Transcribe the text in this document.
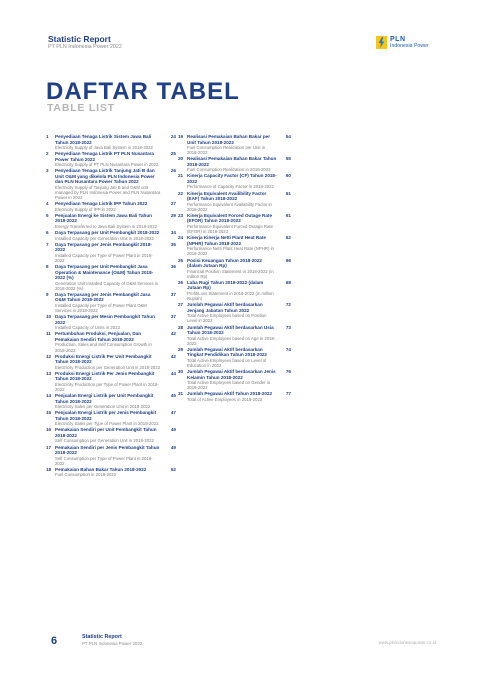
Statistic Report
PT PLN Indonesia Power 2022
PLN
Indonesia Power
DAFTAR TABEL
TABLE LIST
1 Penyediaan Tenaga Listrik Sistem Jawa Bali Tahun 2018-2022
Electricity Supply of Java Bali System in 2018-2022
24
2 Penyediaan Tenaga Listrik PT PLN Nusantara Power Tahun 2022
Electricity Supply of PT PLN Nusantara Power in 2022
25
3 Penyediaan Tenaga Listrik Tanjung Jati B dan Unit O&M yang dikelola PLN Indonesia Power dan PLN Nusantara Power Tahun 2022
Electricity Supply of Tanjung Jati B and O&M unit managed by PLN Indonesia Power and PLN Nusantara Power in 2022
26
4 Penyediaan Tenaga Listrik IPP Tahun 2022
Electricity Supply of IPP in 2022
27
5 Penjualan Energi ke Sistem Jawa Bali Tahun 2018-2022
Energy Transferred to Java Bali System in 2018-2022
29
6 Daya Terpasang per Unit Pembangkit 2018-2022
Installed Capacity per Generation Unit in 2018-2022
34
7 Daya Terpasang per Jenis Pembangkit 2018-2022
Installed Capacity per Type of Power Plant in 2018-2022
35
8 Daya Terpasang per Unit Pembangkit Jasa Operation & Maintenance (O&M) Tahun 2018-2022 (%)
Generation Unit Installed Capacity of O&M Services in 2018-2022 (%)
36
9 Daya Terpasang per Jenis Pembangkit Jasa O&M Tahun 2018-2022
Installed Capacity per Type of Power Plant O&M Services in 2018-2022
37
10 Daya Terpasang per Mesin Pembangkit Tahun 2022
Installed Capacity of Units in 2022
37
11 Pertumbuhan Produksi, Penjualan, Dan Pemakaian Sendiri Tahun 2018-2022
Production, Sales and Self Consumption Growth in 2018-2022
42
12 Produksi Energi Listrik Per Unit Pembangkit Tahun 2018-2022
Electricity Production per Generation Unit in 2018-2022
42
13 Produksi Energi Listrik Per Jenis Pembangkit Tahun 2018-2022
Electricity Production per Type of Power Plant in 2018-2022
44
14 Penjualan Energi Listrik per Unit Pembangkit Tahun 2018-2022
Electricity Sales per Generation Unit in 2018-2022
45
15 Penjualan Energi Listrik per Jenis Pembangkit Tahun 2018-2022
Electricity Sales per Type of Power Plant in 2018-2022
47
16 Pemakaian Sendiri per Unit Pembangkit Tahun 2018-2022
Self Consumption per Generation Unit in 2018-2022
49
17 Pemakaian Sendiri per Jenis Pembangkit Tahun 2018-2022
Self Consumption per Type of Power Plant in 2018-2022
49
18 Pemakaian Bahan Bakar Tahun 2018-2022
Fuel Consumption in 2018-2022
52
19 Realisasi Pemakaian Bahan Bakar per Unit Tahun 2018-2022
Fuel Consumption Realization per Unit in 2018-2022
54
20 Realisasi Pemakaian Bahan Bakar Tahun 2018-2022
Fuel Consumption Realization in 2018-2022
55
21 Kinerja Capacity Factor (CF) Tahun 2018-2022
Performance of Capacity Factor in 2018-2022
60
22 Kinerja Equivalent Availibility Factor (EAF) Tahun 2018-2022
Performance Equivalent Availability Factor in 2018-2022
61
23 Kinerja Equivalent Forced Outage Rate (EFOR) Tahun 2018-2022
Performance Equivalent Forced Outage Rate (EFOR) in 2018-2022
61
24 Kinerja Kinerja Netti Plant Heat Rate (NPHR) Tahun 2018-2022
Performance Netti Plant Heat Rate (NPHR) in 2018-2022
62
25 Posisi Keuangan Tahun 2018-2022 (dalam Jutaan Rp)
Financial Position Statement in 2018-2022 (in million Rp)
66
26 Laba Rugi Tahun 2018-2022 (dalam Jutaan Rp)
Profit/Loss Statement in 2018-2022 (in million Rupiah)
68
27 Jumlah Pegawai Aktif berdasarkan Jenjang Jabatan Tahun 2022
Total Active Employees based on Position Level in 2022
72
28 Jumlah Pegawai Aktif berdasarkan Usia Tahun 2018-2022
Total Active Employees based on Age in 2018-2022
73
29 Jumlah Pegawai Aktif berdasarkan Tingkat Pendidikan Tahun 2018-2022
Total Active Employees based on Level of Education in 2022
74
30 Jumlah Pegawai Aktif berdasarkan Jenis Kelamin Tahun 2018-2022
Total Active Employees based on Gender in 2018-2022
76
31 Jumlah Pegawai Aktif Tahun 2018-2022
Total of Active Employees in 2018-2022
77
6	Statistic Report
PT PLN Indonesia Power 2022	www.plnindonesiapower.co.id
